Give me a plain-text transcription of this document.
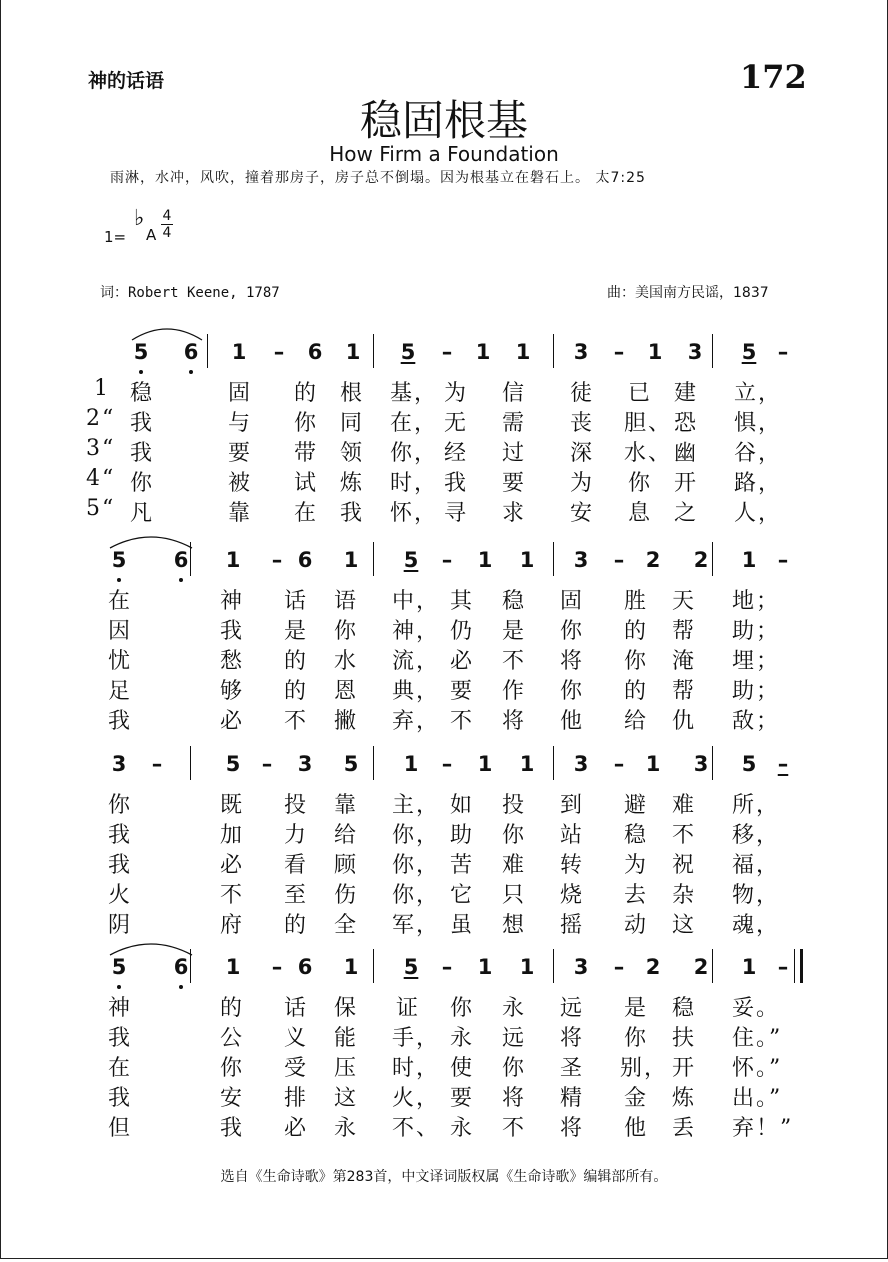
神的话语	172
稳固根基
How Firm a Foundation
雨淋，水冲，风吹，撞着那房子，房子总不倒塌。因为根基立在磐石上。 太7:25
1=
♭
A
4
4
词：Robert Keene, 1787	曲：美国南方民谣，1837
5	6	1	–	6	1	5	–	1	1	3	–	1	3	5	–
1 稳	固 的 根 基， 为 信 徒 已 建 立，
2“ 我	与 你 同 在， 无 需 丧 胆、 恐 惧，
3“ 我	要 带 领 你， 经 过 深 水、 幽 谷，
4“ 你	被 试 炼 时， 我 要 为 你 开 路，
5“ 凡	靠 在 我 怀， 寻 求 安 息 之 人，
5	6	1	– 6	1	5	–	1	1	3	–	2	2	1	–
在	神 话 语 中， 其 稳 固 胜 天 地；
因	我 是 你 神， 仍 是 你 的 帮 助；
忧	愁 的 水 流， 必 不 将 你 淹 埋；
足	够 的 恩 典， 要 作 你 的 帮 助；
我	必 不 撇 弃， 不 将 他 给 仇 敌；
3	–	5	–	3	5	1	–	1	1	3	–	1	3	5	–
你	既 投 靠 主， 如 投 到 避 难 所，
我	加 力 给 你， 助 你 站 稳 不 移，
我	必 看 顾 你， 苦 难 转 为 祝 福，
火	不 至 伤 你， 它 只 烧 去 杂 物，
阴	府 的 全 军， 虽 想 摇 动 这 魂，
5	6	1	– 6	1	5	–	1	1	3	–	2	2	1	–
神	的 话 保 证 你 永 远 是 稳 妥。
我	公 义 能 手， 永 远 将 你 扶 住。”
在	你 受 压 时， 使 你 圣 别， 开 怀。”
我	安 排 这 火， 要 将 精 金 炼 出。”
但	我 必 永 不、 永 不 将 他 丢 弃！”
选自《生命诗歌》第283首，中文译词版权属《生命诗歌》编辑部所有。
